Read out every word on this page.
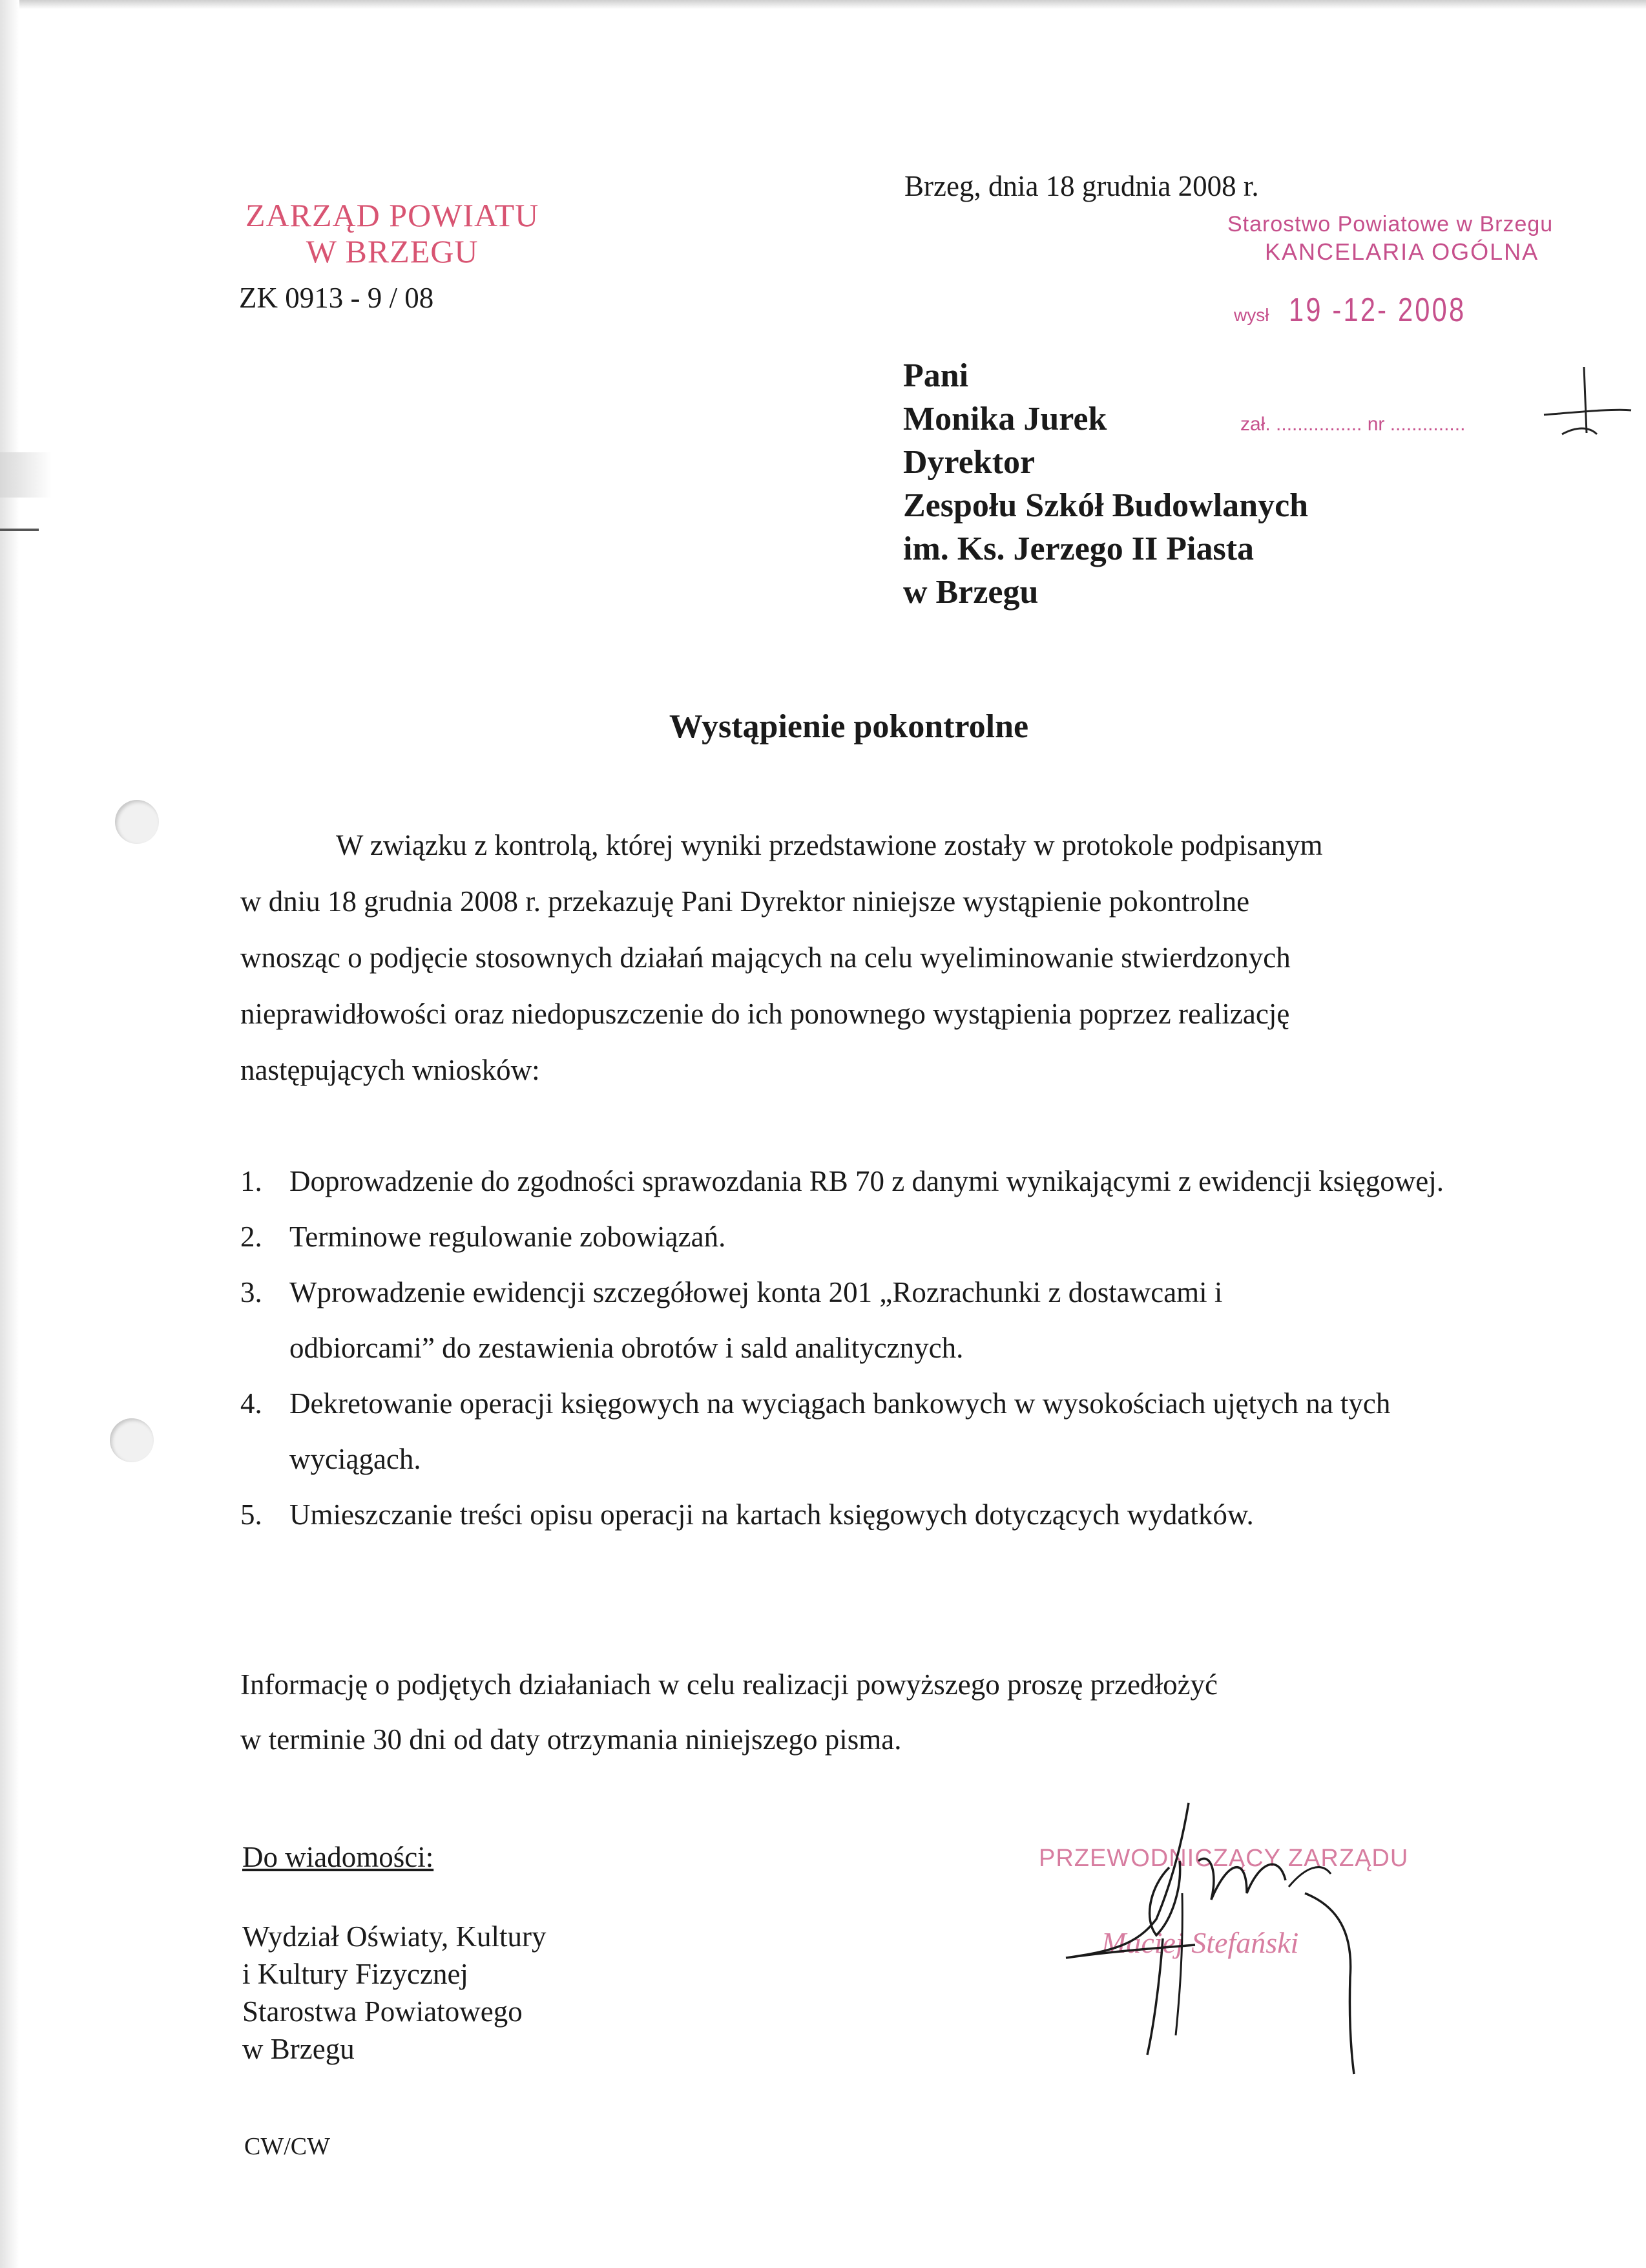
ZARZĄD POWIATU
W BRZEGU
ZK 0913 - 9 / 08
Brzeg, dnia 18 grudnia 2008 r.
Starostwo Powiatowe w Brzegu
KANCELARIA OGÓLNA
wysł 19 -12- 2008
zał. ................ nr ..............
Pani
Monika Jurek
Dyrektor
Zespołu Szkół Budowlanych
im. Ks. Jerzego II Piasta
w Brzegu
Wystąpienie pokontrolne
W związku z kontrolą, której wyniki przedstawione zostały w protokole podpisanym
w dniu 18 grudnia 2008 r. przekazuję Pani Dyrektor niniejsze wystąpienie pokontrolne
wnosząc o podjęcie stosownych działań mających na celu wyeliminowanie stwierdzonych
nieprawidłowości oraz niedopuszczenie do ich ponownego wystąpienia poprzez realizację
następujących wniosków:
1. Doprowadzenie do zgodności sprawozdania RB 70 z danymi wynikającymi z ewidencji księgowej.
2. Terminowe regulowanie zobowiązań.
3. Wprowadzenie ewidencji szczegółowej konta 201 „Rozrachunki z dostawcami i odbiorcami” do zestawienia obrotów i sald analitycznych.
4. Dekretowanie operacji księgowych na wyciągach bankowych w wysokościach ujętych na tych wyciągach.
5. Umieszczanie treści opisu operacji na kartach księgowych dotyczących wydatków.
Informację o podjętych działaniach w celu realizacji powyższego proszę przedłożyć
w terminie 30 dni od daty otrzymania niniejszego pisma.
Do wiadomości:
Wydział Oświaty, Kultury
i Kultury Fizycznej
Starostwa Powiatowego
w Brzegu
CW/CW
PRZEWODNICZĄCY ZARZĄDU
Maciej Stefański
